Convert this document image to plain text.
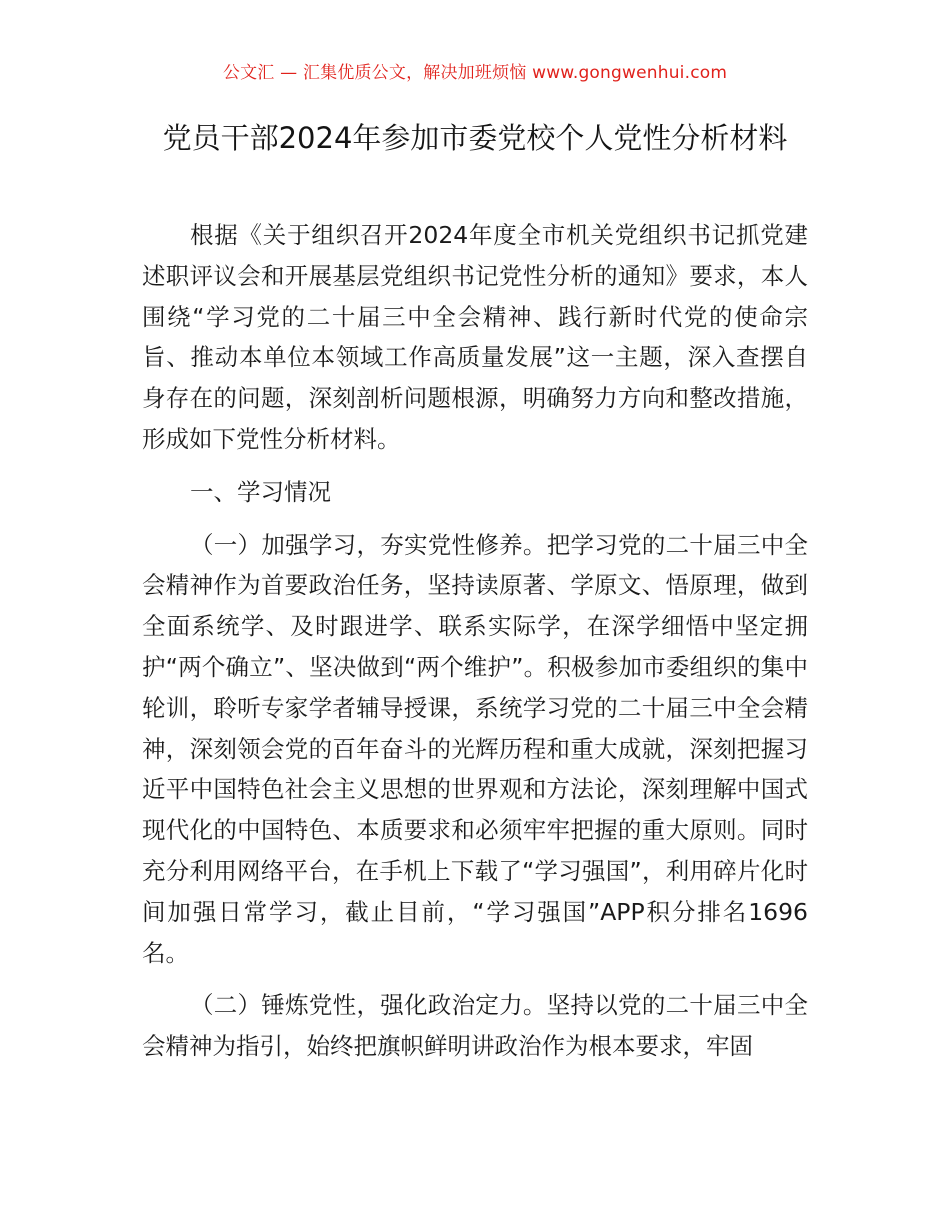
公文汇 — 汇集优质公文，解决加班烦恼 www.gongwenhui.com
党员干部2024年参加市委党校个人党性分析材料

根据《关于组织召开2024年度全市机关党组织书记抓党建述职评议会和开展基层党组织书记党性分析的通知》要求，本人围绕“学习党的二十届三中全会精神、践行新时代党的使命宗旨、推动本单位本领域工作高质量发展”这一主题，深入查摆自身存在的问题，深刻剖析问题根源，明确努力方向和整改措施，形成如下党性分析材料。

一、学习情况

（一）加强学习，夯实党性修养。把学习党的二十届三中全会精神作为首要政治任务，坚持读原著、学原文、悟原理，做到全面系统学、及时跟进学、联系实际学，在深学细悟中坚定拥护“两个确立”、坚决做到“两个维护”。积极参加市委组织的集中轮训，聆听专家学者辅导授课，系统学习党的二十届三中全会精神，深刻领会党的百年奋斗的光辉历程和重大成就，深刻把握习近平中国特色社会主义思想的世界观和方法论，深刻理解中国式现代化的中国特色、本质要求和必须牢牢把握的重大原则。同时充分利用网络平台，在手机上下载了“学习强国”，利用碎片化时间加强日常学习，截止目前，“学习强国”APP积分排名1696名。

（二）锤炼党性，强化政治定力。坚持以党的二十届三中全会精神为指引，始终把旗帜鲜明讲政治作为根本要求，牢固
